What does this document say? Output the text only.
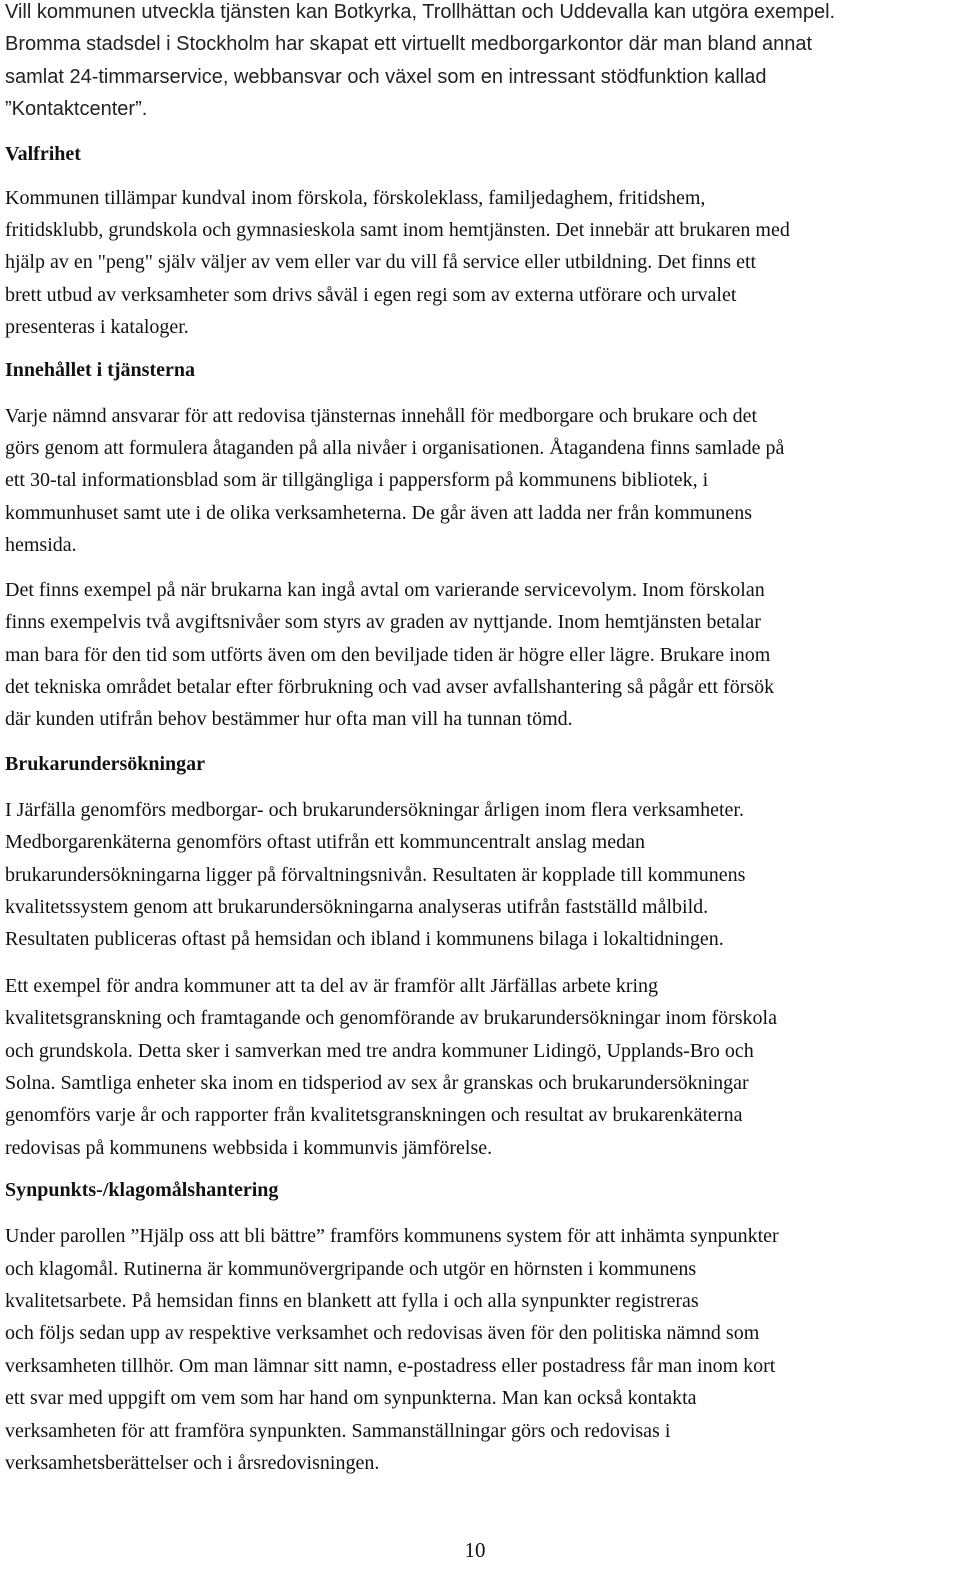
Vill kommunen utveckla tjänsten kan Botkyrka, Trollhättan och Uddevalla kan utgöra exempel.
Bromma stadsdel i Stockholm har skapat ett virtuellt medborgarkontor där man bland annat
samlat 24-timmarservice, webbansvar och växel som en intressant stödfunktion kallad
”Kontaktcenter”.

Valfrihet

Kommunen tillämpar kundval inom förskola, förskoleklass, familjedaghem, fritidshem,
fritidsklubb, grundskola och gymnasieskola samt inom hemtjänsten. Det innebär att brukaren med
hjälp av en "peng" själv väljer av vem eller var du vill få service eller utbildning. Det finns ett
brett utbud av verksamheter som drivs såväl i egen regi som av externa utförare och urvalet
presenteras i kataloger.

Innehållet i tjänsterna

Varje nämnd ansvarar för att redovisa tjänsternas innehåll för medborgare och brukare och det
görs genom att formulera åtaganden på alla nivåer i organisationen. Åtagandena finns samlade på
ett 30-tal informationsblad som är tillgängliga i pappersform på kommunens bibliotek, i
kommunhuset samt ute i de olika verksamheterna. De går även att ladda ner från kommunens
hemsida.

Det finns exempel på när brukarna kan ingå avtal om varierande servicevolym. Inom förskolan
finns exempelvis två avgiftsnivåer som styrs av graden av nyttjande. Inom hemtjänsten betalar
man bara för den tid som utförts även om den beviljade tiden är högre eller lägre. Brukare inom
det tekniska området betalar efter förbrukning och vad avser avfallshantering så pågår ett försök
där kunden utifrån behov bestämmer hur ofta man vill ha tunnan tömd.

Brukarundersökningar

I Järfälla genomförs medborgar- och brukarundersökningar årligen inom flera verksamheter.
Medborgarenkäterna genomförs oftast utifrån ett kommuncentralt anslag medan
brukarundersökningarna ligger på förvaltningsnivån. Resultaten är kopplade till kommunens
kvalitetssystem genom att brukarundersökningarna analyseras utifrån fastställd målbild.
Resultaten publiceras oftast på hemsidan och ibland i kommunens bilaga i lokaltidningen.

Ett exempel för andra kommuner att ta del av är framför allt Järfällas arbete kring
kvalitetsgranskning och framtagande och genomförande av brukarundersökningar inom förskola
och grundskola. Detta sker i samverkan med tre andra kommuner Lidingö, Upplands-Bro och
Solna. Samtliga enheter ska inom en tidsperiod av sex år granskas och brukarundersökningar
genomförs varje år och rapporter från kvalitetsgranskningen och resultat av brukarenkäterna
redovisas på kommunens webbsida i kommunvis jämförelse.

Synpunkts-/klagomålshantering

Under parollen ”Hjälp oss att bli bättre” framförs kommunens system för att inhämta synpunkter
och klagomål. Rutinerna är kommunövergripande och utgör en hörnsten i kommunens
kvalitetsarbete. På hemsidan finns en blankett att fylla i och alla synpunkter registreras
och följs sedan upp av respektive verksamhet och redovisas även för den politiska nämnd som
verksamheten tillhör. Om man lämnar sitt namn, e-postadress eller postadress får man inom kort
ett svar med uppgift om vem som har hand om synpunkterna. Man kan också kontakta
verksamheten för att framföra synpunkten. Sammanställningar görs och redovisas i
verksamhetsberättelser och i årsredovisningen.

10
